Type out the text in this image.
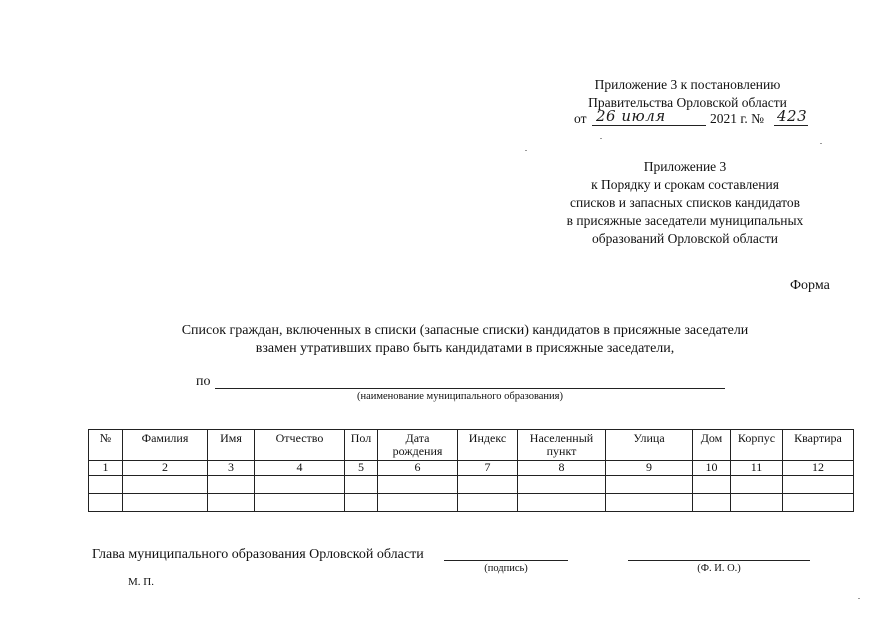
Приложение 3 к постановлению
Правительства Орловской области
от 26 июля	2021 г. № 423
Приложение 3
к Порядку и срокам составления
списков и запасных списков кандидатов
в присяжные заседатели муниципальных
образований Орловской области
Форма
Список граждан, включенных в списки (запасные списки) кандидатов в присяжные заседатели
взамен утративших право быть кандидатами в присяжные заседатели,
по
(наименование муниципального образования)
№	Фамилия	Имя	Отчество	Пол	Дата рождения	Индекс	Населенный пункт	Улица	Дом	Корпус	Квартира
1	2	3	4	5	6	7	8	9	10	11	12

Глава муниципального образования Орловской области
(подпись)	(Ф. И. О.)
М. П.
